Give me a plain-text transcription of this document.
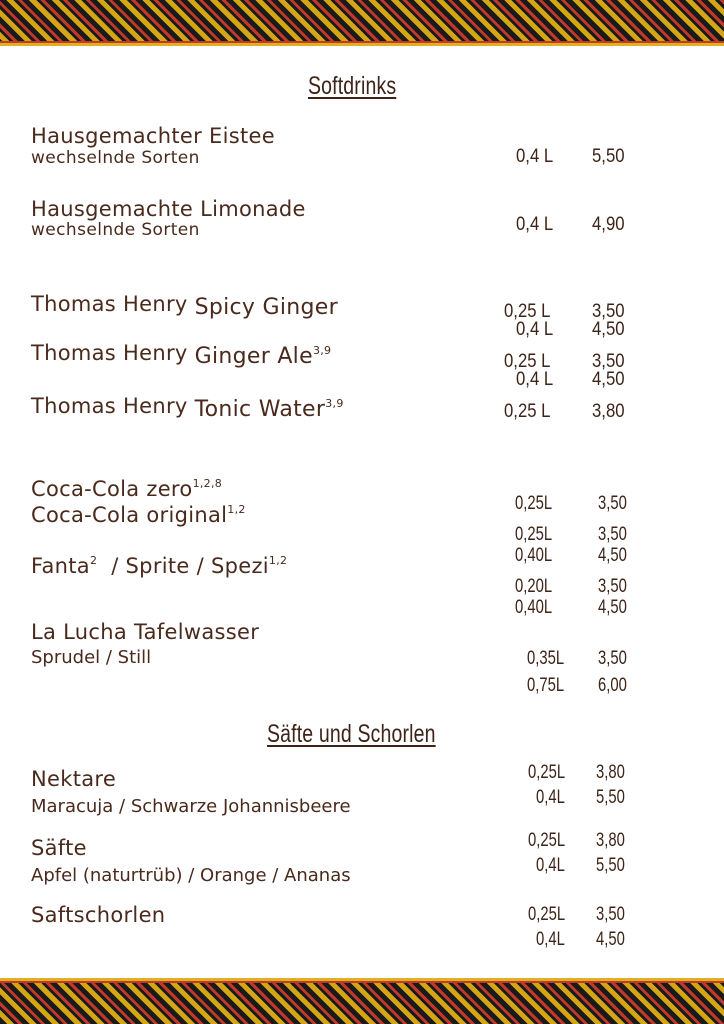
Softdrinks
Hausgemachter Eistee
wechselnde Sorten	0,4 L 5,50
Hausgemachte Limonade
wechselnde Sorten	0,4 L 4,90
Thomas Henry Spicy Ginger	0,25 L 3,50
0,4 L 4,50
Thomas Henry Ginger Ale$^{3,9}$
0,25 L 3,50
0,4 L 4,50
Thomas Henry Tonic Water$^{3,9}$	0,25 L 3,80
Coca-Cola zero$^{1,2,8}$
0,25L 3,50
Coca-Cola original$^{1,2}$
0,25L 3,50
0,40L 4,50
Fanta$^2$ / Sprite / Spezi$^{1,2}$
0,20L 3,50
0,40L 4,50
La Lucha Tafelwasser
Sprudel / Still	0,35L 3,50
0,75L 6,00
Säfte und Schorlen
Nektare
Maracuja / Schwarze Johannisbeere
0,25L 3,80
0,4L 5,50
Säfte
Apfel (naturtrüb) / Orange / Ananas
0,25L 3,80
0,4L 5,50
Saftschorlen	0,25L 3,50
0,4L 4,50
